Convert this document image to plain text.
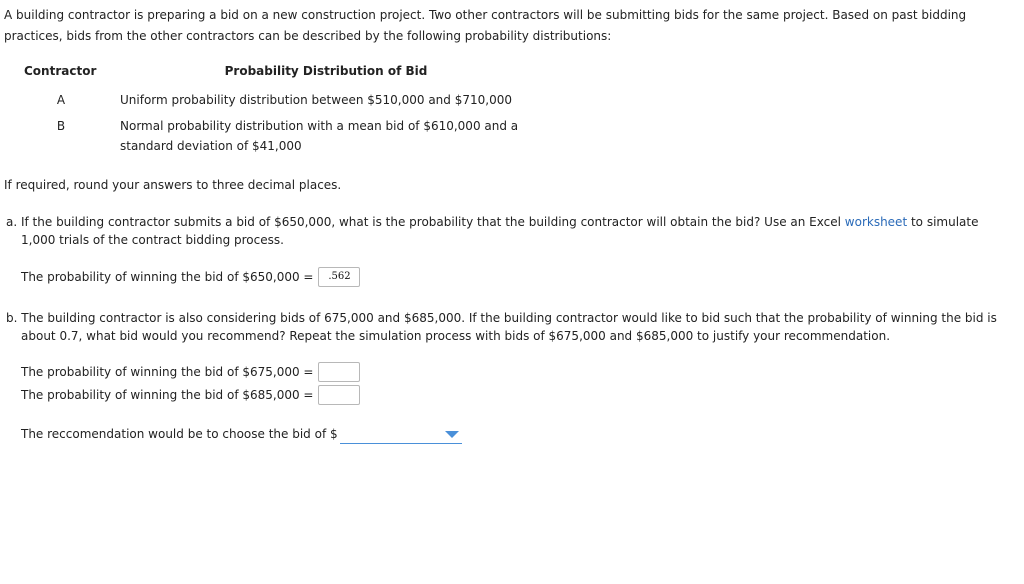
A building contractor is preparing a bid on a new construction project. Two other contractors will be submitting bids for the same project. Based on past bidding practices, bids from the other contractors can be described by the following probability distributions:

Contractor	Probability Distribution of Bid
A	Uniform probability distribution between $510,000 and $710,000
B	Normal probability distribution with a mean bid of $610,000 and a
standard deviation of $41,000

If required, round your answers to three decimal places.

a. If the building contractor submits a bid of $650,000, what is the probability that the building contractor will obtain the bid? Use an Excel worksheet to simulate 1,000 trials of the contract bidding process.
The probability of winning the bid of $650,000 =	.562
b. The building contractor is also considering bids of 675,000 and $685,000. If the building contractor would like to bid such that the probability of winning the bid is about 0.7, what bid would you recommend? Repeat the simulation process with bids of $675,000 and $685,000 to justify your recommendation.
The probability of winning the bid of $675,000 =
The probability of winning the bid of $685,000 =
The reccomendation would be to choose the bid of $
